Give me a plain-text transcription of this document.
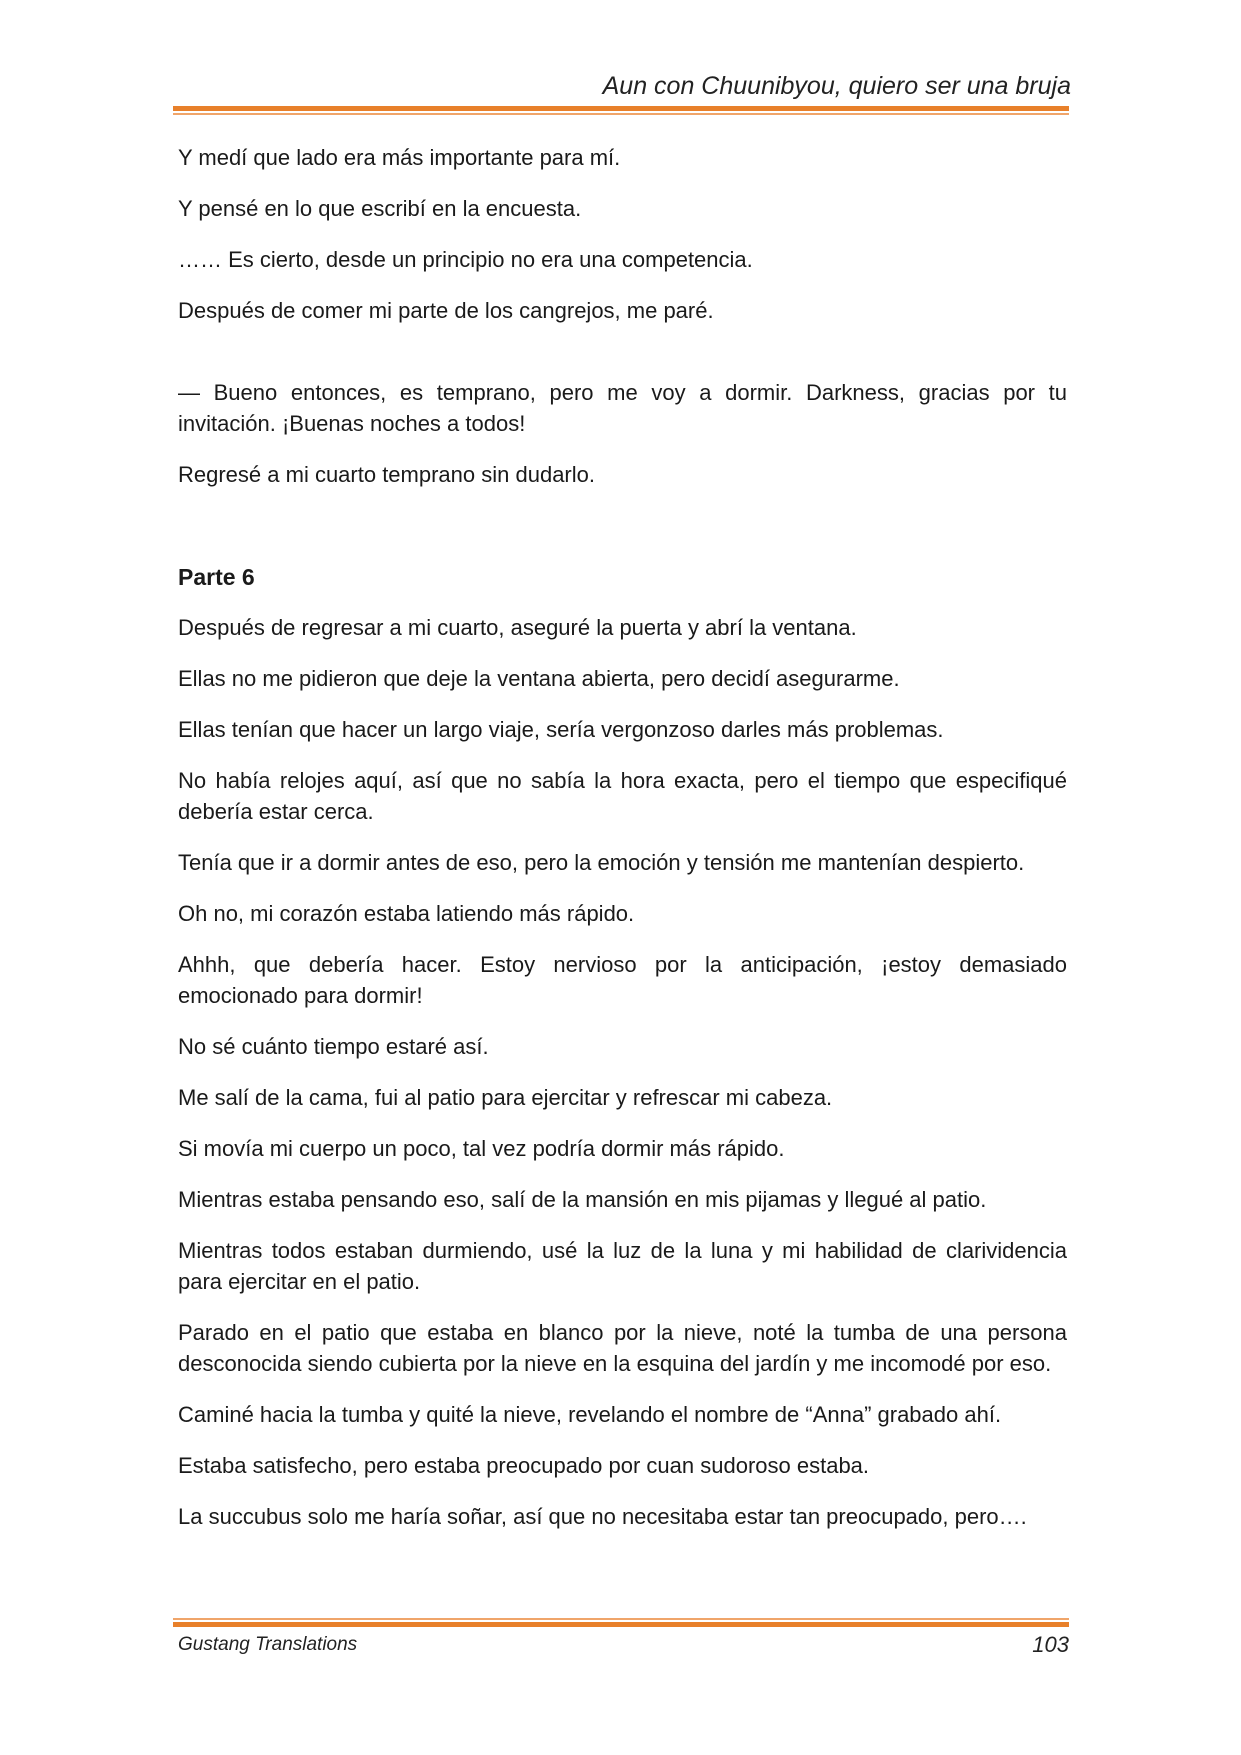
Aun con Chuunibyou, quiero ser una bruja

Y medí que lado era más importante para mí.

Y pensé en lo que escribí en la encuesta.

…… Es cierto, desde un principio no era una competencia.

Después de comer mi parte de los cangrejos, me paré.

— Bueno entonces, es temprano, pero me voy a dormir. Darkness, gracias por tu invitación. ¡Buenas noches a todos!

Regresé a mi cuarto temprano sin dudarlo.

Parte 6

Después de regresar a mi cuarto, aseguré la puerta y abrí la ventana.

Ellas no me pidieron que deje la ventana abierta, pero decidí asegurarme.

Ellas tenían que hacer un largo viaje, sería vergonzoso darles más problemas.

No había relojes aquí, así que no sabía la hora exacta, pero el tiempo que especifiqué debería estar cerca.

Tenía que ir a dormir antes de eso, pero la emoción y tensión me mantenían despierto.

Oh no, mi corazón estaba latiendo más rápido.

Ahhh, que debería hacer. Estoy nervioso por la anticipación, ¡estoy demasiado emocionado para dormir!

No sé cuánto tiempo estaré así.

Me salí de la cama, fui al patio para ejercitar y refrescar mi cabeza.

Si movía mi cuerpo un poco, tal vez podría dormir más rápido.

Mientras estaba pensando eso, salí de la mansión en mis pijamas y llegué al patio.

Mientras todos estaban durmiendo, usé la luz de la luna y mi habilidad de clarividencia para ejercitar en el patio.

Parado en el patio que estaba en blanco por la nieve, noté la tumba de una persona desconocida siendo cubierta por la nieve en la esquina del jardín y me incomodé por eso.

Caminé hacia la tumba y quité la nieve, revelando el nombre de “Anna” grabado ahí.

Estaba satisfecho, pero estaba preocupado por cuan sudoroso estaba.

La succubus solo me haría soñar, así que no necesitaba estar tan preocupado, pero….

Gustang Translations	103
